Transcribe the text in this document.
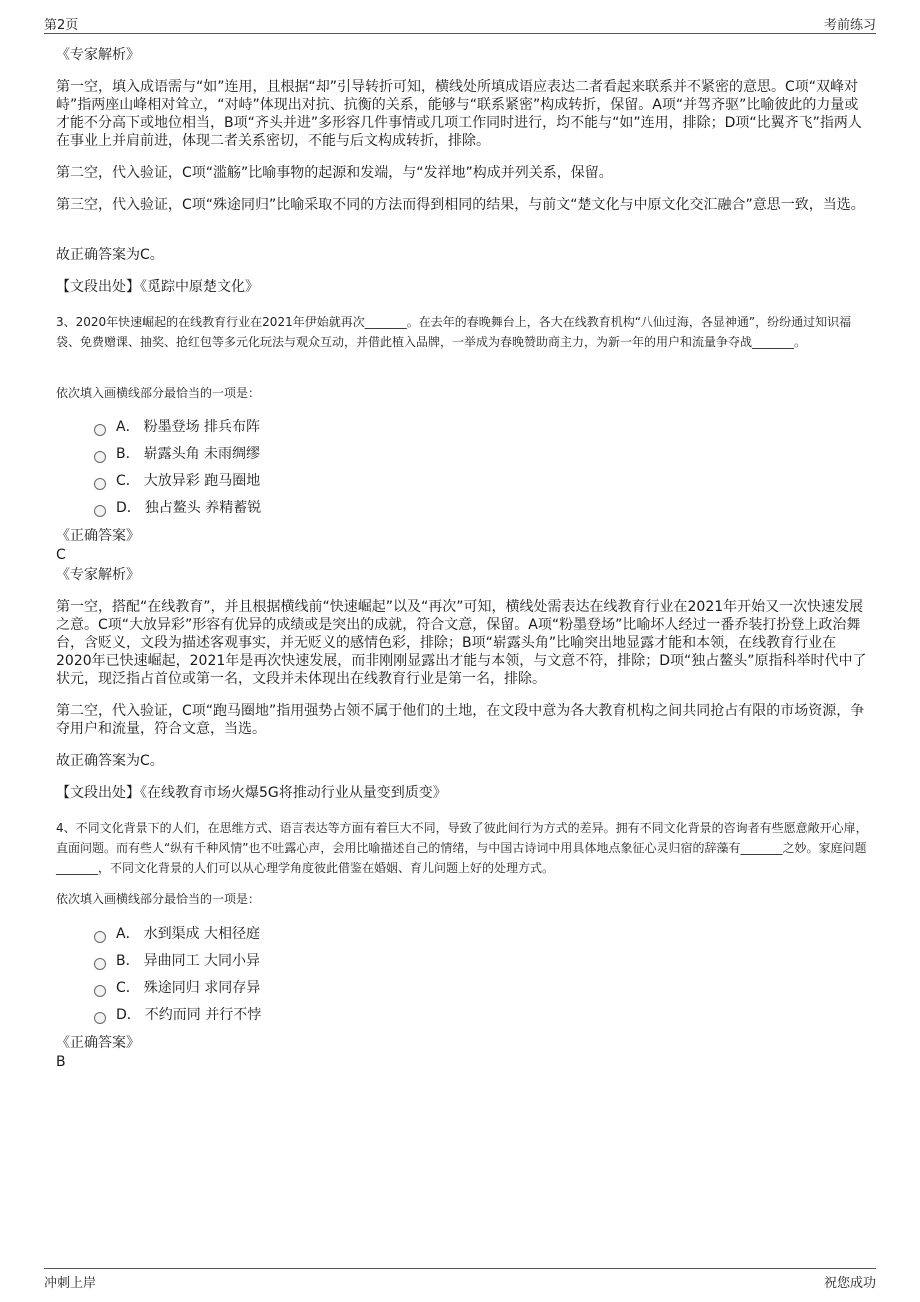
第2页	考前练习
《专家解析》
第一空，填入成语需与“如”连用，且根据“却”引导转折可知，横线处所填成语应表达二者看起来联系并不紧密的意思。C项“双峰对峙”指两座山峰相对耸立，“对峙”体现出对抗、抗衡的关系，能够与“联系紧密”构成转折，保留。A项“并驾齐驱”比喻彼此的力量或才能不分高下或地位相当，B项“齐头并进”多形容几件事情或几项工作同时进行，均不能与“如”连用，排除；D项“比翼齐飞”指两人在事业上并肩前进，体现二者关系密切，不能与后文构成转折，排除。
第二空，代入验证，C项“滥觞”比喻事物的起源和发端，与“发祥地”构成并列关系，保留。
第三空，代入验证，C项“殊途同归”比喻采取不同的方法而得到相同的结果，与前文“楚文化与中原文化交汇融合”意思一致，当选。
故正确答案为C。
【文段出处】《觅踪中原楚文化》
3、2020年快速崛起的在线教育行业在2021年伊始就再次_______。在去年的春晚舞台上，各大在线教育机构“八仙过海，各显神通”，纷纷通过知识福袋、免费赠课、抽奖、抢红包等多元化玩法与观众互动，并借此植入品牌，一举成为春晚赞助商主力，为新一年的用户和流量争夺战_______。
依次填入画横线部分最恰当的一项是：
A． 粉墨登场 排兵布阵
B． 崭露头角 未雨绸缪
C． 大放异彩 跑马圈地
D． 独占鳌头 养精蓄锐
《正确答案》
C
《专家解析》
第一空，搭配“在线教育”，并且根据横线前“快速崛起”以及“再次”可知，横线处需表达在线教育行业在2021年开始又一次快速发展之意。C项“大放异彩”形容有优异的成绩或是突出的成就，符合文意，保留。A项“粉墨登场”比喻坏人经过一番乔装打扮登上政治舞台，含贬义，文段为描述客观事实，并无贬义的感情色彩，排除；B项“崭露头角”比喻突出地显露才能和本领，在线教育行业在2020年已快速崛起，2021年是再次快速发展，而非刚刚显露出才能与本领，与文意不符，排除；D项“独占鳌头”原指科举时代中了状元，现泛指占首位或第一名，文段并未体现出在线教育行业是第一名，排除。
第二空，代入验证，C项“跑马圈地”指用强势占领不属于他们的土地，在文段中意为各大教育机构之间共同抢占有限的市场资源，争夺用户和流量，符合文意，当选。
故正确答案为C。
【文段出处】《在线教育市场火爆5G将推动行业从量变到质变》
4、不同文化背景下的人们，在思维方式、语言表达等方面有着巨大不同，导致了彼此间行为方式的差异。拥有不同文化背景的咨询者有些愿意敞开心扉，直面问题。而有些人“纵有千种风情”也不吐露心声，会用比喻描述自己的情绪，与中国古诗词中用具体地点象征心灵归宿的辞藻有_______之妙。家庭问题_______，不同文化背景的人们可以从心理学角度彼此借鉴在婚姻、育儿问题上好的处理方式。
依次填入画横线部分最恰当的一项是：
A． 水到渠成 大相径庭
B． 异曲同工 大同小异
C． 殊途同归 求同存异
D． 不约而同 并行不悖
《正确答案》
B
冲刺上岸	祝您成功
